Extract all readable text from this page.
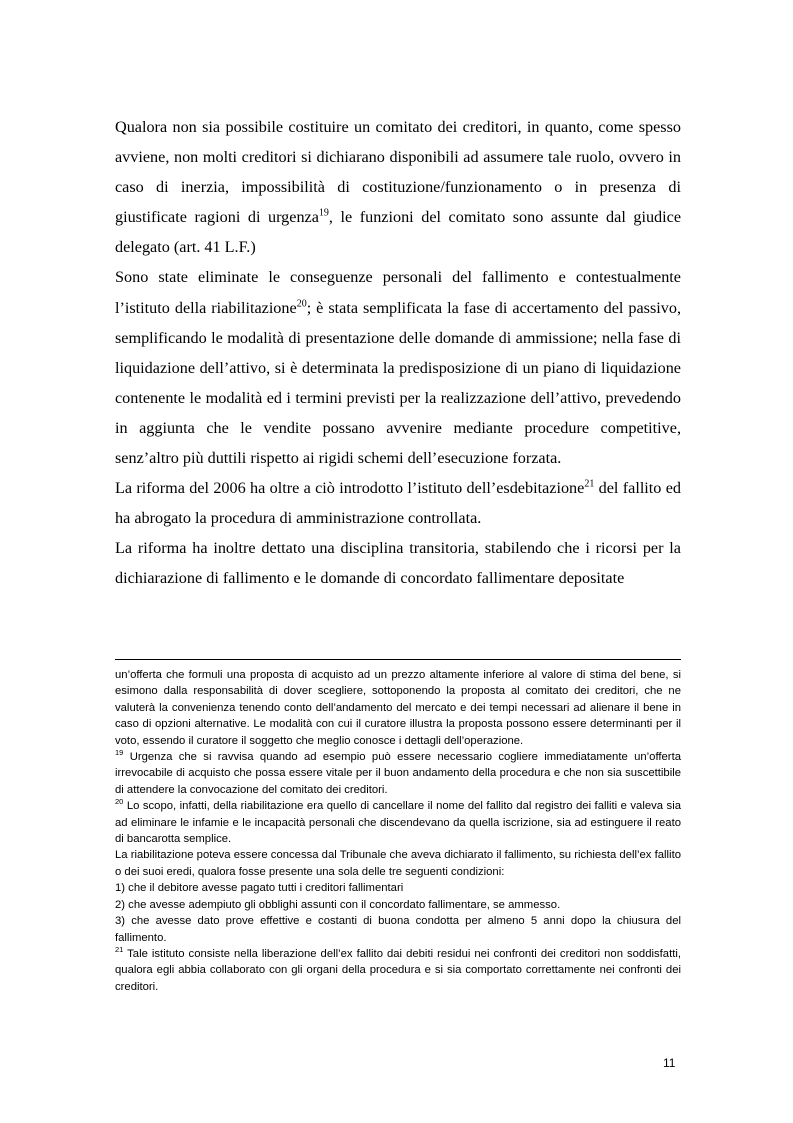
Qualora non sia possibile costituire un comitato dei creditori, in quanto, come spesso avviene, non molti creditori si dichiarano disponibili ad assumere tale ruolo, ovvero in caso di inerzia, impossibilità di costituzione/funzionamento o in presenza di giustificate ragioni di urgenza$^{19}$, le funzioni del comitato sono assunte dal giudice delegato (art. 41 L.F.)

Sono state eliminate le conseguenze personali del fallimento e contestualmente l’istituto della riabilitazione$^{20}$; è stata semplificata la fase di accertamento del passivo, semplificando le modalità di presentazione delle domande di ammissione; nella fase di liquidazione dell’attivo, si è determinata la predisposizione di un piano di liquidazione contenente le modalità ed i termini previsti per la realizzazione dell’attivo, prevedendo in aggiunta che le vendite possano avvenire mediante procedure competitive, senz’altro più duttili rispetto ai rigidi schemi dell’esecuzione forzata.

La riforma del 2006 ha oltre a ciò introdotto l’istituto dell’esdebitazione$^{21}$ del fallito ed ha abrogato la procedura di amministrazione controllata.

La riforma ha inoltre dettato una disciplina transitoria, stabilendo che i ricorsi per la dichiarazione di fallimento e le domande di concordato fallimentare depositate

un’offerta che formuli una proposta di acquisto ad un prezzo altamente inferiore al valore di stima del bene, si esimono dalla responsabilità di dover scegliere, sottoponendo la proposta al comitato dei creditori, che ne valuterà la convenienza tenendo conto dell’andamento del mercato e dei tempi necessari ad alienare il bene in caso di opzioni alternative. Le modalità con cui il curatore illustra la proposta possono essere determinanti per il voto, essendo il curatore il soggetto che meglio conosce i dettagli dell’operazione.

$^{19}$ Urgenza che si ravvisa quando ad esempio può essere necessario cogliere immediatamente un’offerta irrevocabile di acquisto che possa essere vitale per il buon andamento della procedura e che non sia suscettibile di attendere la convocazione del comitato dei creditori.

$^{20}$ Lo scopo, infatti, della riabilitazione era quello di cancellare il nome del fallito dal registro dei falliti e valeva sia ad eliminare le infamie e le incapacità personali che discendevano da quella iscrizione, sia ad estinguere il reato di bancarotta semplice.

La riabilitazione poteva essere concessa dal Tribunale che aveva dichiarato il fallimento, su richiesta dell’ex fallito o dei suoi eredi, qualora fosse presente una sola delle tre seguenti condizioni:

1) che il debitore avesse pagato tutti i creditori fallimentari

2) che avesse adempiuto gli obblighi assunti con il concordato fallimentare, se ammesso.

3) che avesse dato prove effettive e costanti di buona condotta per almeno 5 anni dopo la chiusura del fallimento.

$^{21}$ Tale istituto consiste nella liberazione dell’ex fallito dai debiti residui nei confronti dei creditori non soddisfatti, qualora egli abbia collaborato con gli organi della procedura e si sia comportato correttamente nei confronti dei creditori.

11
